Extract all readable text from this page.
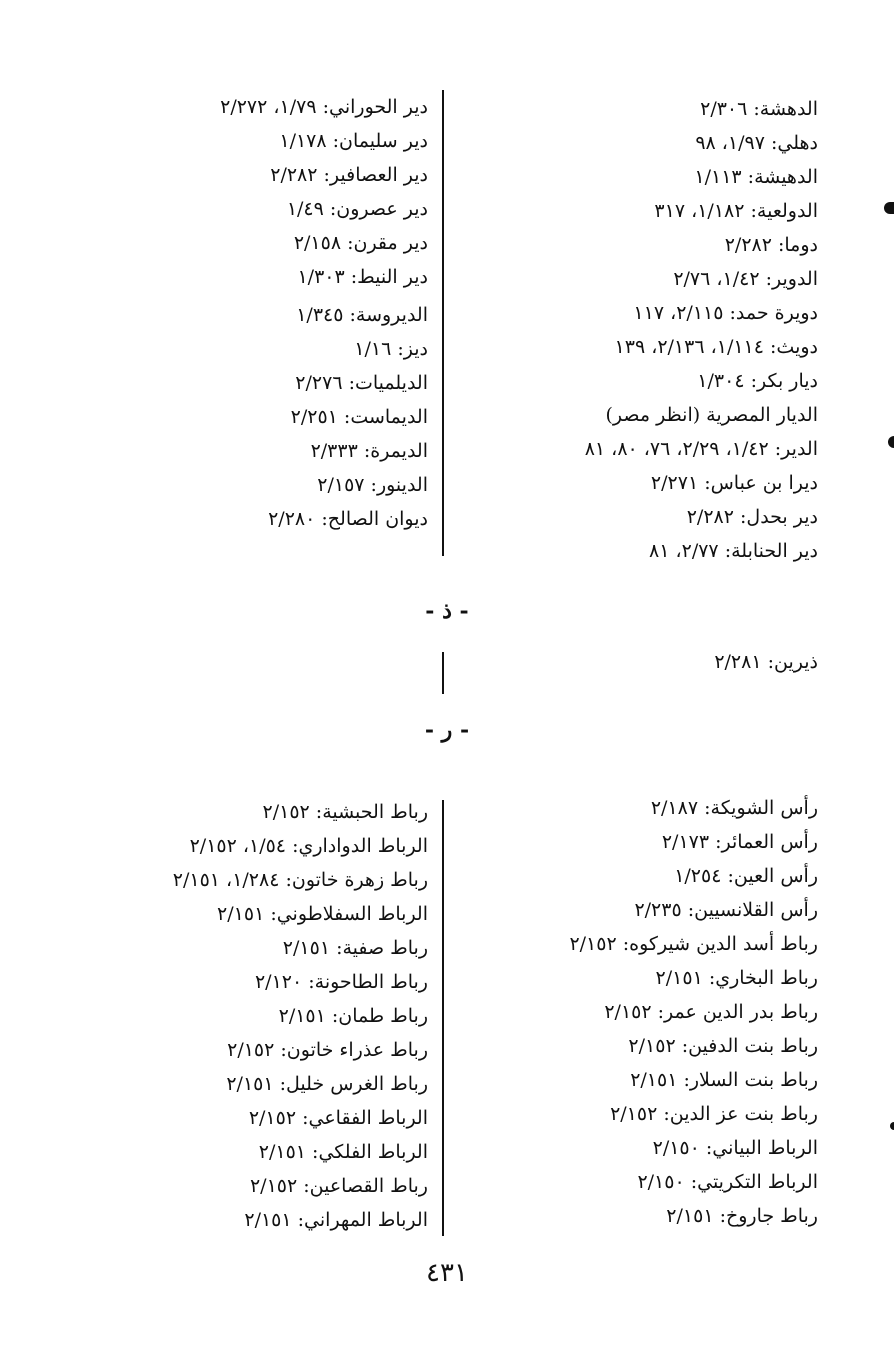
الدهشة: ٢/٣٠٦
دهلي: ١/٩٧، ٩٨
الدهيشة: ١/١١٣
الدولعية: ١/١٨٢، ٣١٧
دوما: ٢/٢٨٢
الدوير: ١/٤٢، ٢/٧٦
دويرة حمد: ٢/١١٥، ١١٧
دويث: ١/١١٤، ٢/١٣٦، ١٣٩
ديار بكر: ١/٣٠٤
الديار المصرية (انظر مصر)
الدير: ١/٤٢، ٢/٢٩، ٧٦، ٨٠، ٨١
ديرا بن عباس: ٢/٢٧١
دير بحدل: ٢/٢٨٢
دير الحنابلة: ٢/٧٧، ٨١
دير الحوراني: ١/٧٩، ٢/٢٧٢
دير سليمان: ١/١٧٨
دير العصافير: ٢/٢٨٢
دير عصرون: ١/٤٩
دير مقرن: ٢/١٥٨
دير النيط: ١/٣٠٣
الديروسة: ١/٣٤٥
ديز: ١/١٦
الديلميات: ٢/٢٧٦
الديماست: ٢/٢٥١
الديمرة: ٢/٣٣٣
الدينور: ٢/١٥٧
ديوان الصالح: ٢/٢٨٠
- ذ -
ذيرين: ٢/٢٨١
- ر -
رأس الشويكة: ٢/١٨٧
رأس العمائر: ٢/١٧٣
رأس العين: ١/٢٥٤
رأس القلانسيين: ٢/٢٣٥
رباط أسد الدين شيركوه: ٢/١٥٢
رباط البخاري: ٢/١٥١
رباط بدر الدين عمر: ٢/١٥٢
رباط بنت الدفين: ٢/١٥٢
رباط بنت السلار: ٢/١٥١
رباط بنت عز الدين: ٢/١٥٢
الرباط البياني: ٢/١٥٠
الرباط التكريتي: ٢/١٥٠
رباط جاروخ: ٢/١٥١
رباط الحبشية: ٢/١٥٢
الرباط الدواداري: ١/٥٤، ٢/١٥٢
رباط زهرة خاتون: ١/٢٨٤، ٢/١٥١
الرباط السفلاطوني: ٢/١٥١
رباط صفية: ٢/١٥١
رباط الطاحونة: ٢/١٢٠
رباط طمان: ٢/١٥١
رباط عذراء خاتون: ٢/١٥٢
رباط الغرس خليل: ٢/١٥١
الرباط الفقاعي: ٢/١٥٢
الرباط الفلكي: ٢/١٥١
رباط القصاعين: ٢/١٥٢
الرباط المهراني: ٢/١٥١
٤٣١
